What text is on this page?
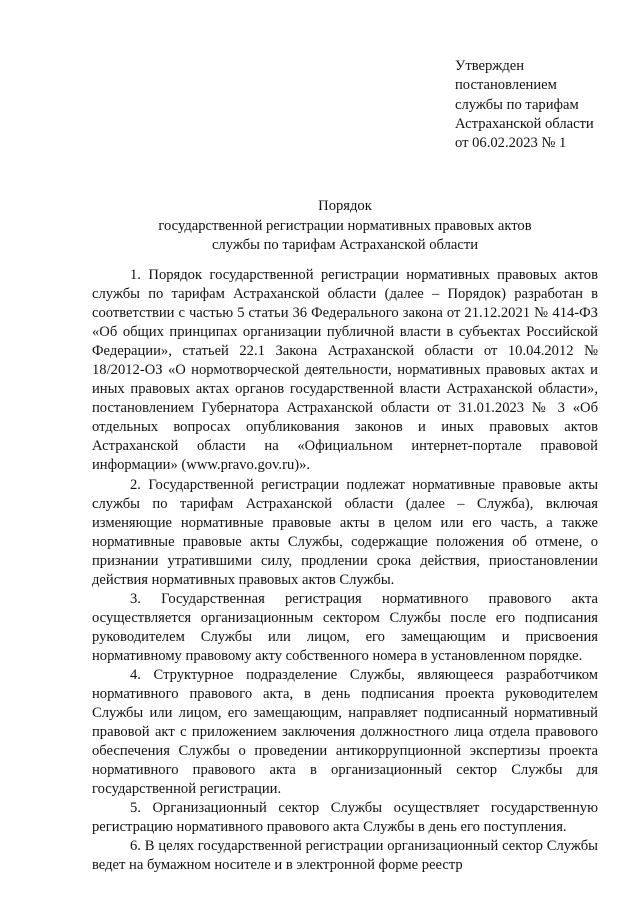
Утвержден
постановлением
службы по тарифам
Астраханской области
от 06.02.2023 № 1
Порядок
государственной регистрации нормативных правовых актов
службы по тарифам Астраханской области

1. Порядок государственной регистрации нормативных правовых актов службы по тарифам Астраханской области (далее – Порядок) разработан в соответствии с частью 5 статьи 36 Федерального закона от 21.12.2021 № 414-ФЗ «Об общих принципах организации публичной власти в субъектах Российской Федерации», статьей 22.1 Закона Астраханской области от 10.04.2012 № 18/2012-ОЗ «О нормотворческой деятельности, нормативных правовых актах и иных правовых актах органов государственной власти Астраханской области», постановлением Губернатора Астраханской области от 31.01.2023 № 3 «Об отдельных вопросах опубликования законов и иных правовых актов Астраханской области на «Официальном интернет-портале правовой информации» (www.pravo.gov.ru)».

2. Государственной регистрации подлежат нормативные правовые акты службы по тарифам Астраханской области (далее – Служба), включая изменяющие нормативные правовые акты в целом или его часть, а также нормативные правовые акты Службы, содержащие положения об отмене, о признании утратившими силу, продлении срока действия, приостановлении действия нормативных правовых актов Службы.

3. Государственная регистрация нормативного правового акта осуществляется организационным сектором Службы после его подписания руководителем Службы или лицом, его замещающим и присвоения нормативному правовому акту собственного номера в установленном порядке.

4. Структурное подразделение Службы, являющееся разработчиком нормативного правового акта, в день подписания проекта руководителем Службы или лицом, его замещающим, направляет подписанный нормативный правовой акт с приложением заключения должностного лица отдела правового обеспечения Службы о проведении антикоррупционной экспертизы проекта нормативного правового акта в организационный сектор Службы для государственной регистрации.

5. Организационный сектор Службы осуществляет государственную регистрацию нормативного правового акта Службы в день его поступления.

6. В целях государственной регистрации организационный сектор Службы ведет на бумажном носителе и в электронной форме реестр
